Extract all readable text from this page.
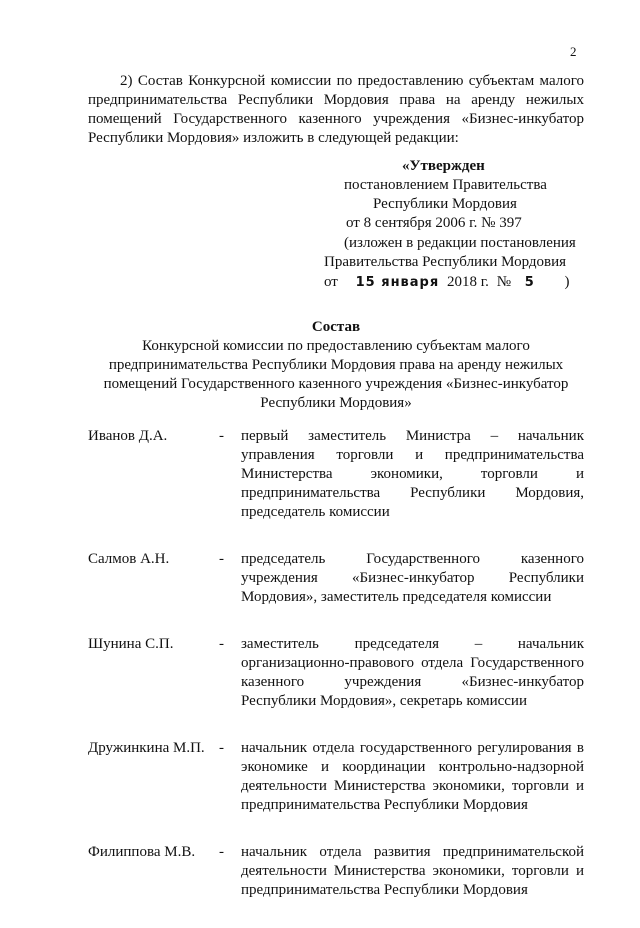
2

2) Состав Конкурсной комиссии по предоставлению субъектам малого предпринимательства Республики Мордовия права на аренду нежилых помещений Государственного казенного учреждения «Бизнес-инкубатор Республики Мордовия» изложить в следующей редакции:

«Утвержден
постановлением Правительства
Республики Мордовия
от 8 сентября 2006 г. № 397
(изложен в редакции постановления
Правительства Республики Мордовия
от 15 января 2018 г. № 5 )
Состав
Конкурсной комиссии по предоставлению субъектам малого предпринимательства Республики Мордовия права на аренду нежилых помещений Государственного казенного учреждения «Бизнес-инкубатор Республики Мордовия»
Иванов Д.А.	- первый заместитель Министра – начальник управления торговли и предпринимательства Министерства экономики, торговли и предпринимательства Республики Мордовия, председатель комиссии
Салмов А.Н.	- председатель Государственного казенного учреждения «Бизнес-инкубатор Республики Мордовия», заместитель председателя комиссии
Шунина С.П.	- заместитель председателя – начальник организационно-правового отдела Государственного казенного учреждения «Бизнес-инкубатор Республики Мордовия», секретарь комиссии
Дружинкина М.П. - начальник отдела государственного регулирования в экономике и координации контрольно-надзорной деятельности Министерства экономики, торговли и предпринимательства Республики Мордовия
Филиппова М.В. - начальник отдела развития предпринимательской деятельности Министерства экономики, торговли и предпринимательства Республики Мордовия
